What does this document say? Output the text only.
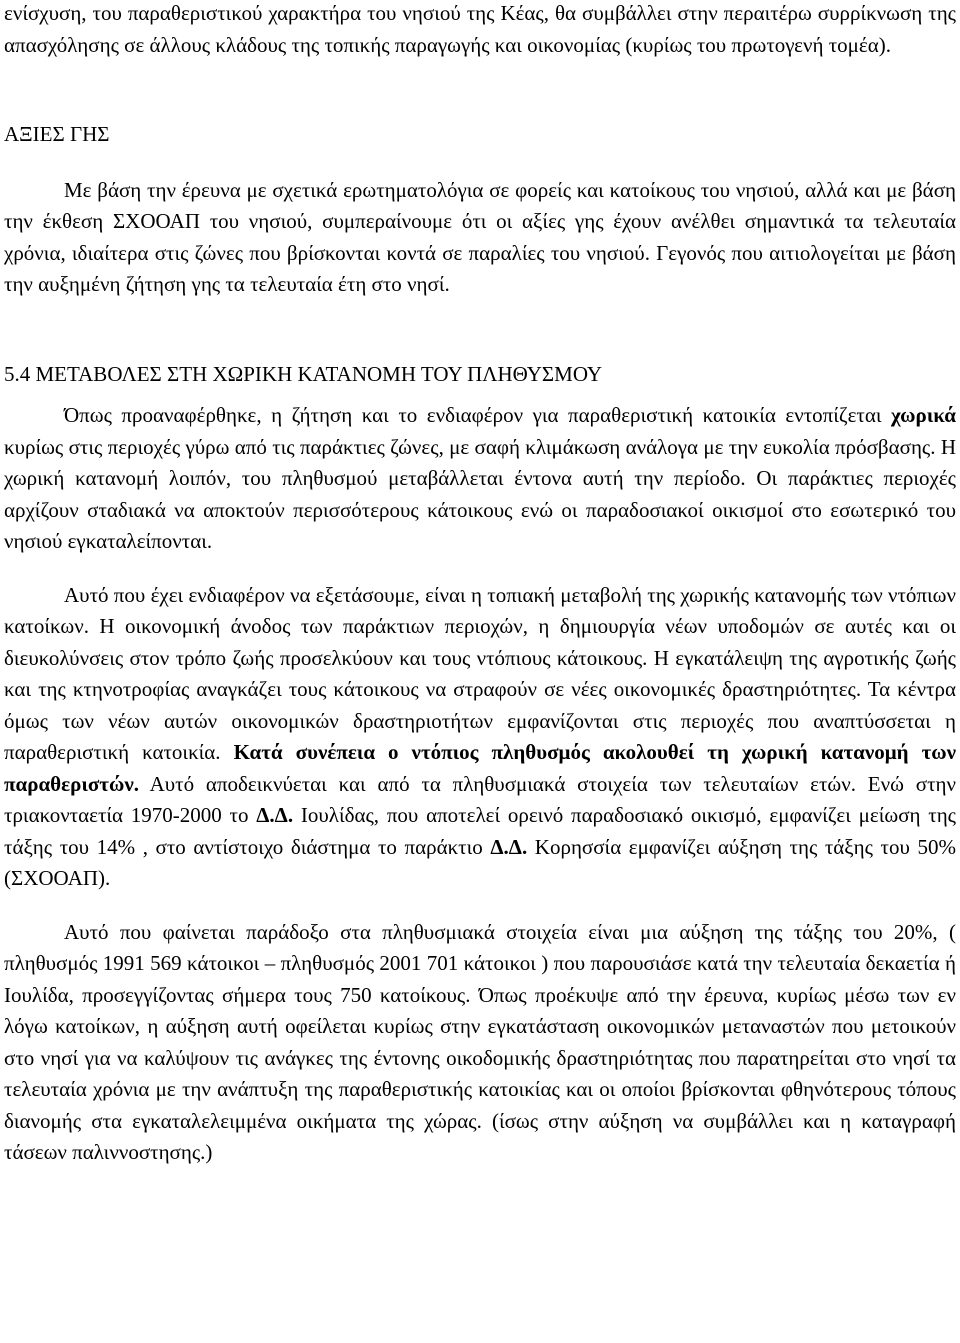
ενίσχυση, του παραθεριστικού χαρακτήρα του νησιού της Κέας, θα συμβάλλει στην περαιτέρω συρρίκνωση της απασχόλησης σε άλλους κλάδους της τοπικής παραγωγής και οικονομίας (κυρίως του πρωτογενή τομέα).

ΑΞΙΕΣ ΓΗΣ

Με βάση την έρευνα με σχετικά ερωτηματολόγια σε φορείς και κατοίκους του νησιού, αλλά και με βάση την έκθεση ΣΧΟΟΑΠ του νησιού, συμπεραίνουμε ότι οι αξίες γης έχουν ανέλθει σημαντικά τα τελευταία χρόνια, ιδιαίτερα στις ζώνες που βρίσκονται κοντά σε παραλίες του νησιού. Γεγονός που αιτιολογείται με βάση την αυξημένη ζήτηση γης τα τελευταία έτη στο νησί.

5.4 ΜΕΤΑΒΟΛΕΣ ΣΤΗ ΧΩΡΙΚΗ ΚΑΤΑΝΟΜΗ ΤΟΥ ΠΛΗΘΥΣΜΟΥ

Όπως προαναφέρθηκε, η ζήτηση και το ενδιαφέρον για παραθεριστική κατοικία εντοπίζεται χωρικά κυρίως στις περιοχές γύρω από τις παράκτιες ζώνες, με σαφή κλιμάκωση ανάλογα με την ευκολία πρόσβασης. Η χωρική κατανομή λοιπόν, του πληθυσμού μεταβάλλεται έντονα αυτή την περίοδο. Οι παράκτιες περιοχές αρχίζουν σταδιακά να αποκτούν περισσότερους κάτοικους ενώ οι παραδοσιακοί οικισμοί στο εσωτερικό του νησιού εγκαταλείπονται.

Αυτό που έχει ενδιαφέρον να εξετάσουμε, είναι η τοπιακή μεταβολή της χωρικής κατανομής των ντόπιων κατοίκων. Η οικονομική άνοδος των παράκτιων περιοχών, η δημιουργία νέων υποδομών σε αυτές και οι διευκολύνσεις στον τρόπο ζωής προσελκύουν και τους ντόπιους κάτοικους. Η εγκατάλειψη της αγροτικής ζωής και της κτηνοτροφίας αναγκάζει τους κάτοικους να στραφούν σε νέες οικονομικές δραστηριότητες. Τα κέντρα όμως των νέων αυτών οικονομικών δραστηριοτήτων εμφανίζονται στις περιοχές που αναπτύσσεται η παραθεριστική κατοικία. Κατά συνέπεια ο ντόπιος πληθυσμός ακολουθεί τη χωρική κατανομή των παραθεριστών. Αυτό αποδεικνύεται και από τα πληθυσμιακά στοιχεία των τελευταίων ετών. Ενώ στην τριακονταετία 1970-2000 το Δ.Δ. Ιουλίδας, που αποτελεί ορεινό παραδοσιακό οικισμό, εμφανίζει μείωση της τάξης του 14% , στο αντίστοιχο διάστημα το παράκτιο Δ.Δ. Κορησσία εμφανίζει αύξηση της τάξης του 50% (ΣΧΟΟΑΠ).

Αυτό που φαίνεται παράδοξο στα πληθυσμιακά στοιχεία είναι μια αύξηση της τάξης του 20%, ( πληθυσμός 1991 569 κάτοικοι – πληθυσμός 2001 701 κάτοικοι ) που παρουσιάσε κατά την τελευταία δεκαετία ή Ιουλίδα, προσεγγίζοντας σήμερα τους 750 κατοίκους. Όπως προέκυψε από την έρευνα, κυρίως μέσω των εν λόγω κατοίκων, η αύξηση αυτή οφείλεται κυρίως στην εγκατάσταση οικονομικών μεταναστών που μετοικούν στο νησί για να καλύψουν τις ανάγκες της έντονης οικοδομικής δραστηριότητας που παρατηρείται στο νησί τα τελευταία χρόνια με την ανάπτυξη της παραθεριστικής κατοικίας και οι οποίοι βρίσκονται φθηνότερους τόπους διανομής στα εγκαταλελειμμένα οικήματα της χώρας. (ίσως στην αύξηση να συμβάλλει και η καταγραφή τάσεων παλιννοστησης.)
